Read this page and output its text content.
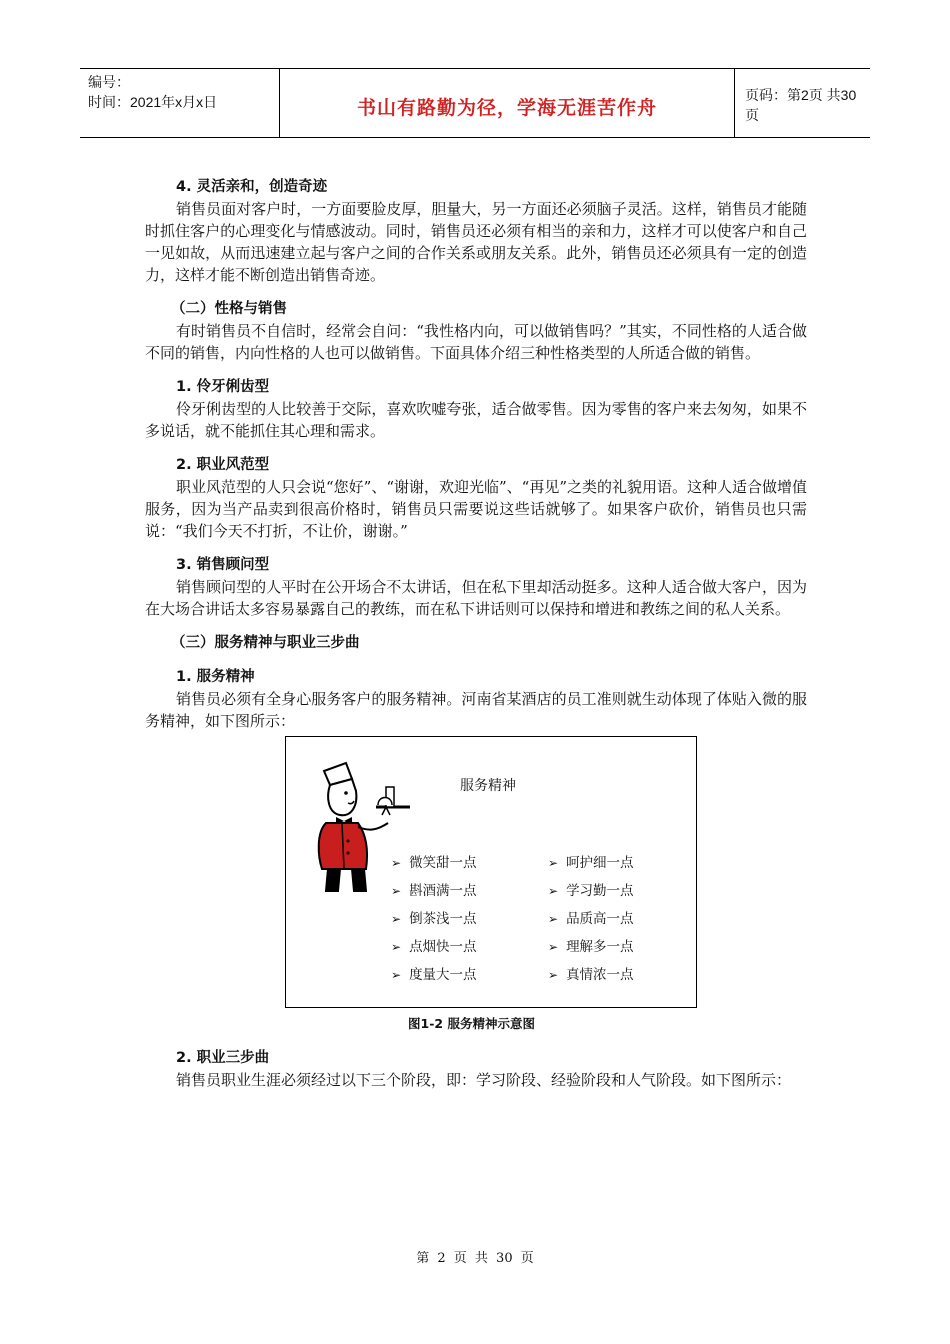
编号：
时间：2021年x月x日	书山有路勤为径，学海无涯苦作舟
页码：第2页 共30页
4. 灵活亲和，创造奇迹
销售员面对客户时，一方面要脸皮厚，胆量大，另一方面还必须脑子灵活。这样，销售员才能随时抓住客户的心理变化与情感波动。同时，销售员还必须有相当的亲和力，这样才可以使客户和自己一见如故，从而迅速建立起与客户之间的合作关系或朋友关系。此外，销售员还必须具有一定的创造力，这样才能不断创造出销售奇迹。
（二）性格与销售
有时销售员不自信时，经常会自问：“我性格内向，可以做销售吗？”其实，不同性格的人适合做不同的销售，内向性格的人也可以做销售。下面具体介绍三种性格类型的人所适合做的销售。
1. 伶牙俐齿型
伶牙俐齿型的人比较善于交际，喜欢吹嘘夸张，适合做零售。因为零售的客户来去匆匆，如果不多说话，就不能抓住其心理和需求。
2. 职业风范型
职业风范型的人只会说“您好”、“谢谢，欢迎光临”、“再见”之类的礼貌用语。这种人适合做增值服务，因为当产品卖到很高价格时，销售员只需要说这些话就够了。如果客户砍价，销售员也只需说：“我们今天不打折，不让价，谢谢。”
3. 销售顾问型
销售顾问型的人平时在公开场合不太讲话，但在私下里却活动挺多。这种人适合做大客户，因为在大场合讲话太多容易暴露自己的教练，而在私下讲话则可以保持和增进和教练之间的私人关系。
（三）服务精神与职业三步曲
1. 服务精神
销售员必须有全身心服务客户的服务精神。河南省某酒店的员工准则就生动体现了体贴入微的服务精神，如下图所示：
服务精神
➢ 微笑甜一点
➢ 斟酒满一点
➢ 倒茶浅一点
➢ 点烟快一点
➢ 度量大一点
➢ 呵护细一点
➢ 学习勤一点
➢ 品质高一点
➢ 理解多一点
➢ 真情浓一点
图1-2 服务精神示意图
2. 职业三步曲
销售员职业生涯必须经过以下三个阶段，即：学习阶段、经验阶段和人气阶段。如下图所示：
第 2 页 共 30 页
